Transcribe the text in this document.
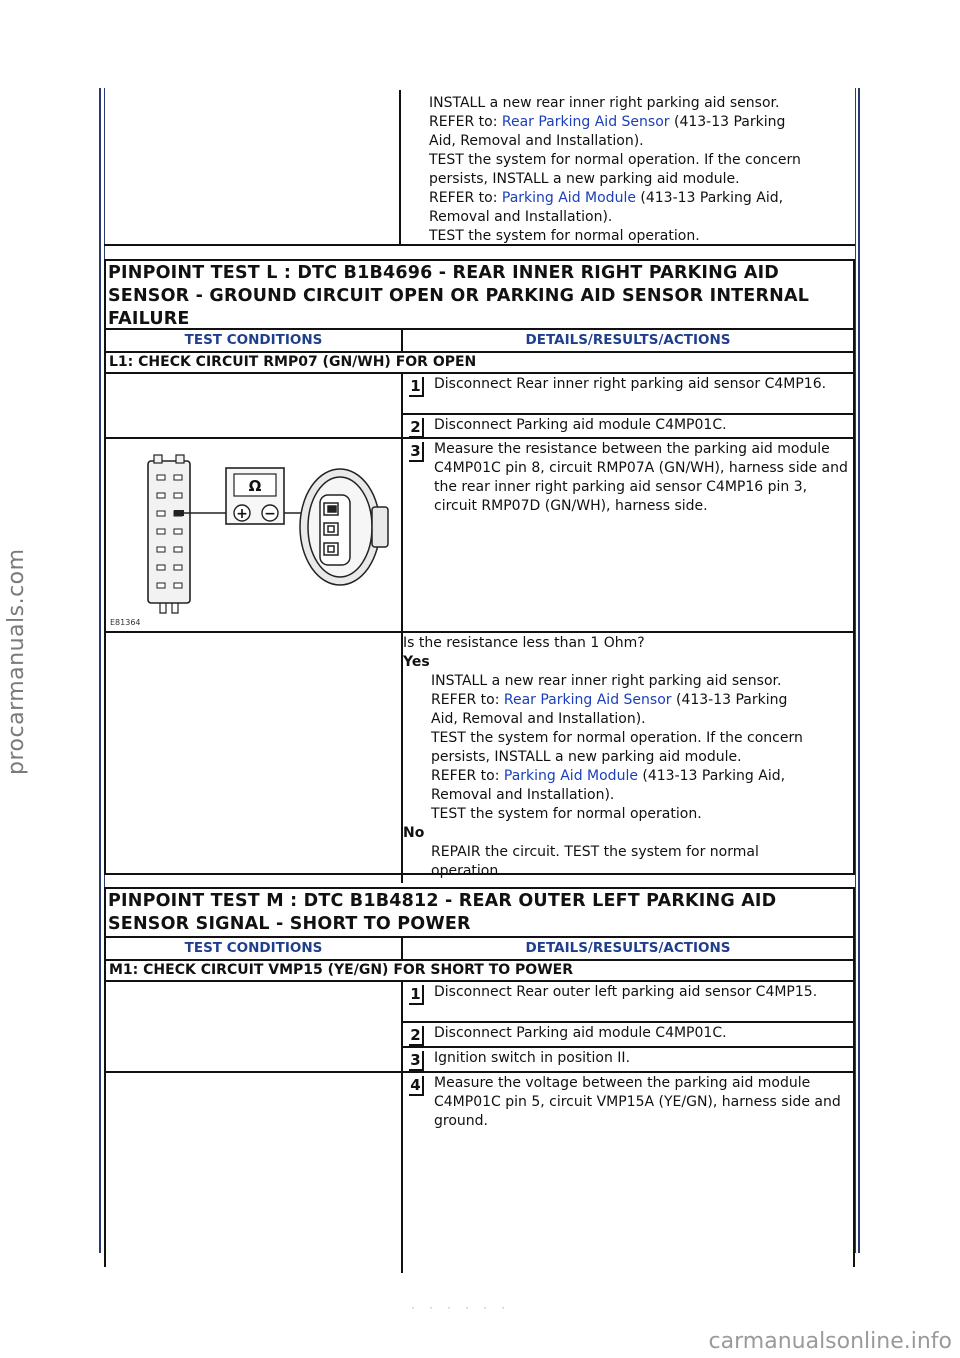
procarmanuals.com
carmanualsonline.info
· · · · · ·
INSTALL a new rear inner right parking aid sensor.
REFER to: Rear Parking Aid Sensor (413-13 Parking
Aid, Removal and Installation).
TEST the system for normal operation. If the concern
persists, INSTALL a new parking aid module.
REFER to: Parking Aid Module (413-13 Parking Aid,
Removal and Installation).
TEST the system for normal operation.
PINPOINT TEST L : DTC B1B4696 - REAR INNER RIGHT PARKING AID SENSOR - GROUND CIRCUIT OPEN OR PARKING AID SENSOR INTERNAL FAILURE
TEST CONDITIONS	DETAILS/RESULTS/ACTIONS
L1: CHECK CIRCUIT RMP07 (GN/WH) FOR OPEN
1 Disconnect Rear inner right parking aid sensor C4MP16.
2 Disconnect Parking aid module C4MP01C.
Ω
+ −
E81364
3 Measure the resistance between the parking aid module C4MP01C pin 8, circuit RMP07A (GN/WH), harness side and the rear inner right parking aid sensor C4MP16 pin 3, circuit RMP07D (GN/WH), harness side.
Is the resistance less than 1 Ohm?
Yes
INSTALL a new rear inner right parking aid sensor.
REFER to: Rear Parking Aid Sensor (413-13 Parking
Aid, Removal and Installation).
TEST the system for normal operation. If the concern
persists, INSTALL a new parking aid module.
REFER to: Parking Aid Module (413-13 Parking Aid,
Removal and Installation).
TEST the system for normal operation.
No
REPAIR the circuit. TEST the system for normal operation.
PINPOINT TEST M : DTC B1B4812 - REAR OUTER LEFT PARKING AID SENSOR SIGNAL - SHORT TO POWER
TEST CONDITIONS	DETAILS/RESULTS/ACTIONS
M1: CHECK CIRCUIT VMP15 (YE/GN) FOR SHORT TO POWER
1 Disconnect Rear outer left parking aid sensor C4MP15.
2 Disconnect Parking aid module C4MP01C.
3 Ignition switch in position II.
4 Measure the voltage between the parking aid module C4MP01C pin 5, circuit VMP15A (YE/GN), harness side and ground.
